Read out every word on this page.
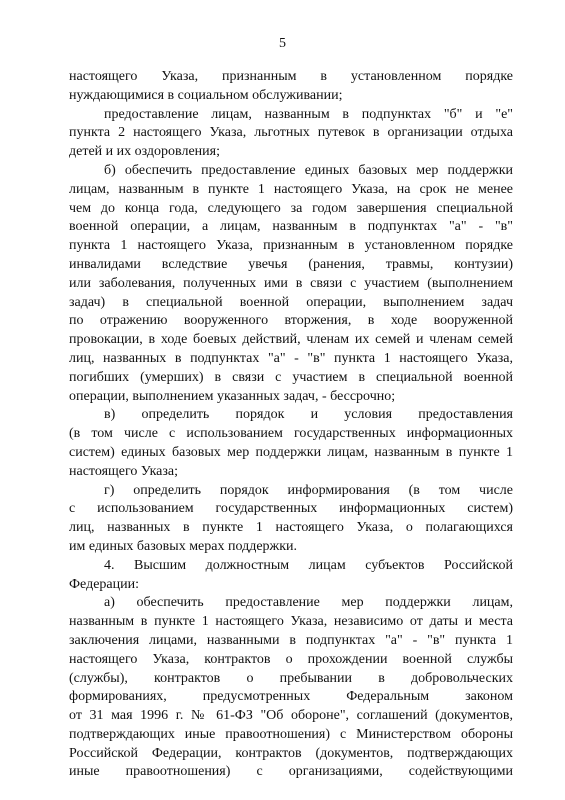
5
настоящего Указа, признанным в установленном порядке
нуждающимися в социальном обслуживании;
предоставление лицам, названным в подпунктах "б" и "е"
пункта 2 настоящего Указа, льготных путевок в организации отдыха
детей и их оздоровления;
б) обеспечить предоставление единых базовых мер поддержки
лицам, названным в пункте 1 настоящего Указа, на срок не менее
чем до конца года, следующего за годом завершения специальной
военной операции, а лицам, названным в подпунктах "а" - "в"
пункта 1 настоящего Указа, признанным в установленном порядке
инвалидами вследствие увечья (ранения, травмы, контузии)
или заболевания, полученных ими в связи с участием (выполнением
задач) в специальной военной операции, выполнением задач
по отражению вооруженного вторжения, в ходе вооруженной
провокации, в ходе боевых действий, членам их семей и членам семей
лиц, названных в подпунктах "а" - "в" пункта 1 настоящего Указа,
погибших (умерших) в связи с участием в специальной военной
операции, выполнением указанных задач, - бессрочно;
в) определить порядок и условия предоставления
(в том числе с использованием государственных информационных
систем) единых базовых мер поддержки лицам, названным в пункте 1
настоящего Указа;
г) определить порядок информирования (в том числе
с использованием государственных информационных систем)
лиц, названных в пункте 1 настоящего Указа, о полагающихся
им единых базовых мерах поддержки.
4. Высшим должностным лицам субъектов Российской
Федерации:
а) обеспечить предоставление мер поддержки лицам,
названным в пункте 1 настоящего Указа, независимо от даты и места
заключения лицами, названными в подпунктах "а" - "в" пункта 1
настоящего Указа, контрактов о прохождении военной службы
(службы), контрактов о пребывании в добровольческих
формированиях, предусмотренных Федеральным законом
от 31 мая 1996 г. № 61-ФЗ "Об обороне", соглашений (документов,
подтверждающих иные правоотношения) с Министерством обороны
Российской Федерации, контрактов (документов, подтверждающих
иные правоотношения) с организациями, содействующими
